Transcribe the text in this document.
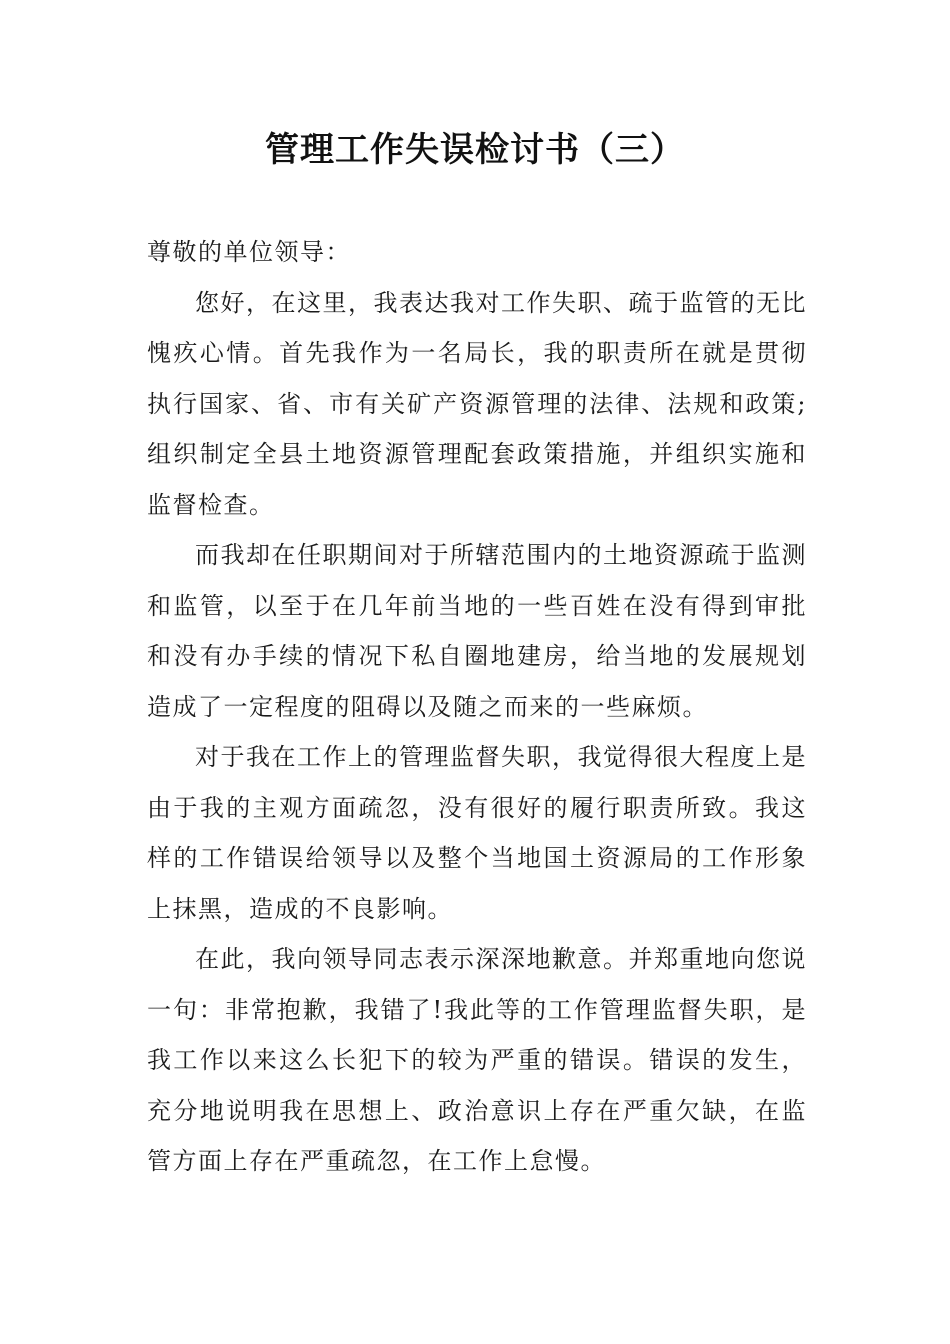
管理工作失误检讨书（三）

尊敬的单位领导：

您好，在这里，我表达我对工作失职、疏于监管的无比愧疚心情。首先我作为一名局长，我的职责所在就是贯彻执行国家、省、市有关矿产资源管理的法律、法规和政策;组织制定全县土地资源管理配套政策措施，并组织实施和监督检查。

而我却在任职期间对于所辖范围内的土地资源疏于监测和监管，以至于在几年前当地的一些百姓在没有得到审批和没有办手续的情况下私自圈地建房，给当地的发展规划造成了一定程度的阻碍以及随之而来的一些麻烦。

对于我在工作上的管理监督失职，我觉得很大程度上是由于我的主观方面疏忽，没有很好的履行职责所致。我这样的工作错误给领导以及整个当地国土资源局的工作形象上抹黑，造成的不良影响。

在此，我向领导同志表示深深地歉意。并郑重地向您说一句：非常抱歉，我错了!我此等的工作管理监督失职，是我工作以来这么长犯下的较为严重的错误。错误的发生，充分地说明我在思想上、政治意识上存在严重欠缺，在监管方面上存在严重疏忽，在工作上怠慢。
